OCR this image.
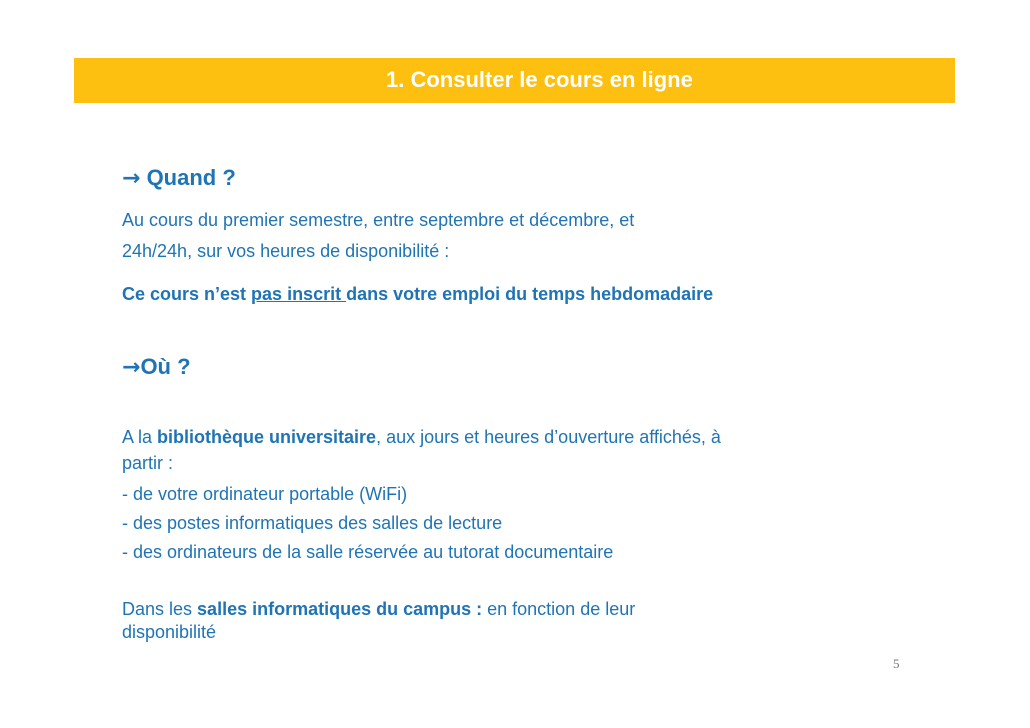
1. Consulter le cours en ligne
→ Quand ?
Au cours du premier semestre, entre septembre et décembre, et
24h/24h, sur vos heures de disponibilité :
Ce cours n’est pas inscrit dans votre emploi du temps hebdomadaire
→Où ?
A la bibliothèque universitaire, aux jours et heures d’ouverture affichés, à
partir :
- de votre ordinateur portable (WiFi)
- des postes informatiques des salles de lecture
- des ordinateurs de la salle réservée au tutorat documentaire
Dans les salles informatiques du campus : en fonction de leur
disponibilité
5
